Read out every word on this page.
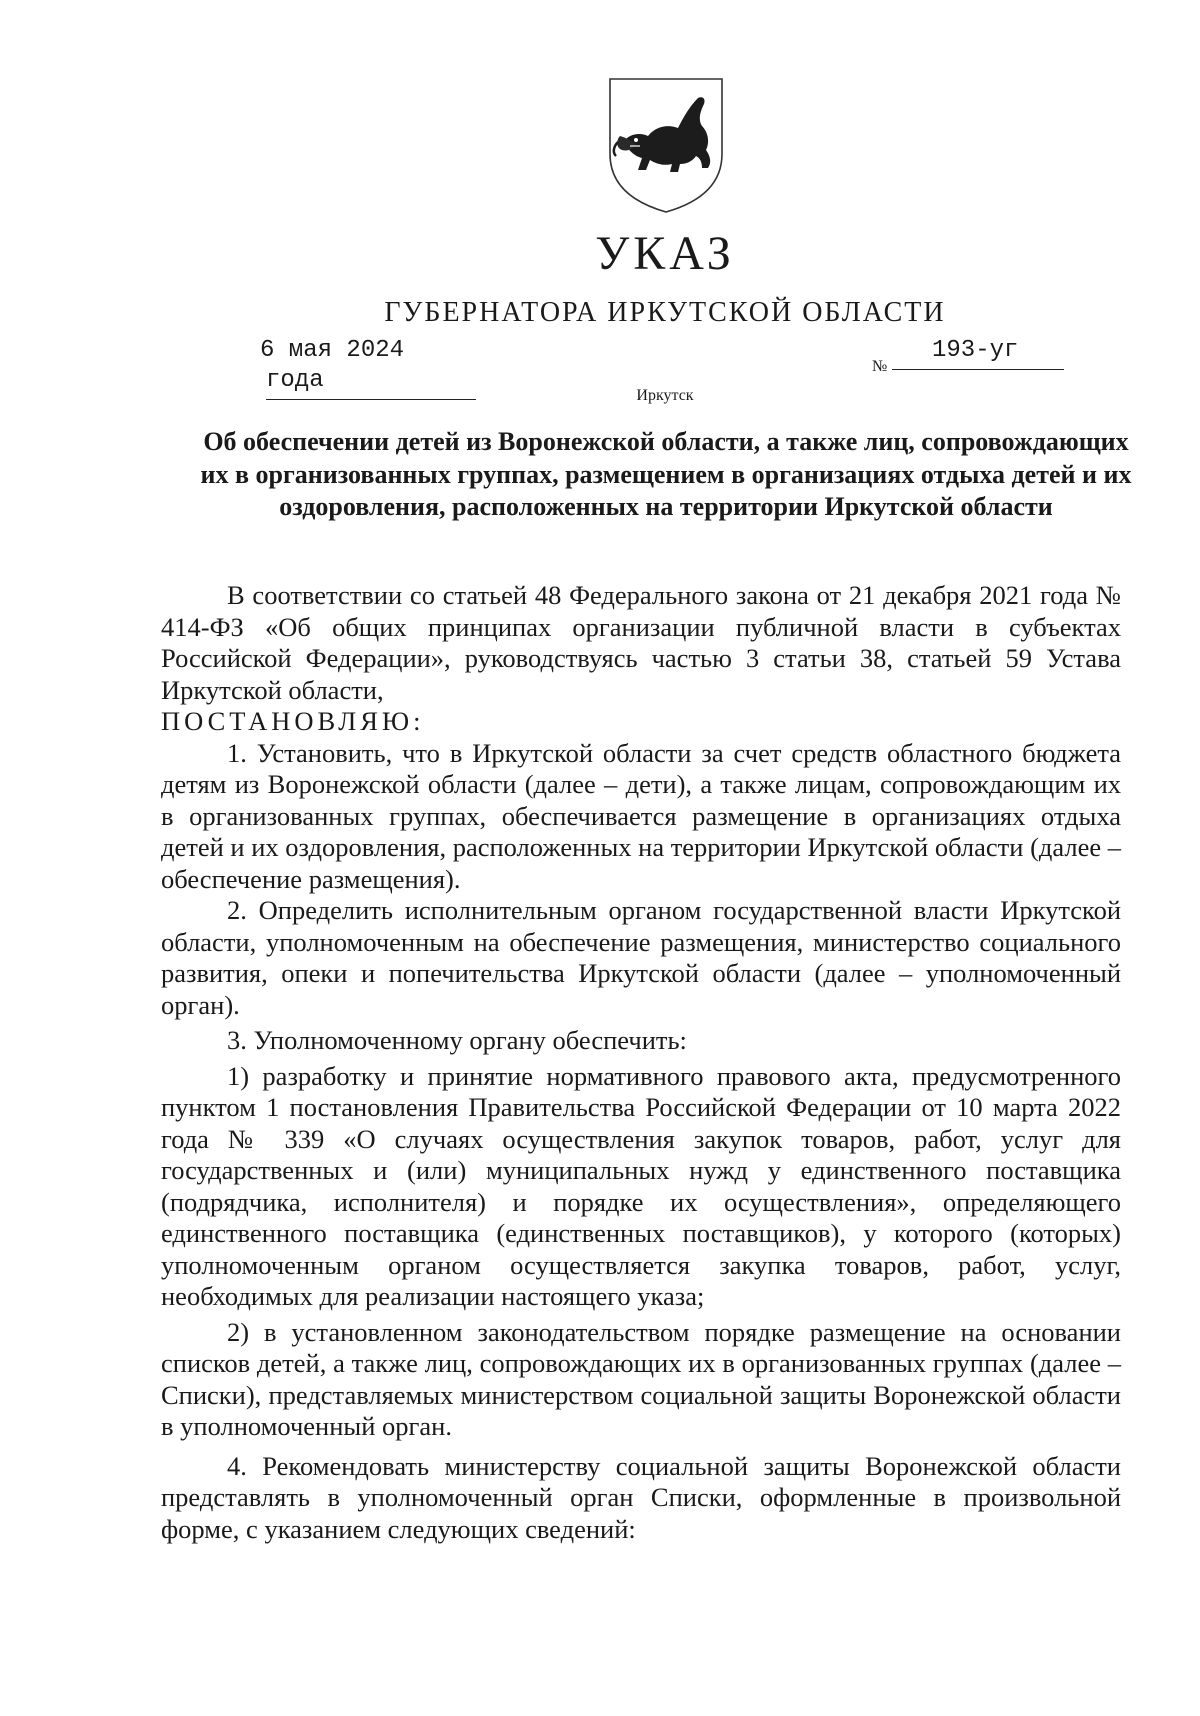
УКАЗ
ГУБЕРНАТОРА ИРКУТСКОЙ ОБЛАСТИ
6 мая 2024 года
№
193-уг
Иркутск
Об обеспечении детей из Воронежской области, а также лиц, сопровождающих их в организованных группах, размещением в организациях отдыха детей и их оздоровления, расположенных на территории Иркутской области

В соответствии со статьей 48 Федерального закона от 21 декабря 2021 года № 414-ФЗ «Об общих принципах организации публичной власти в субъектах Российской Федерации», руководствуясь частью 3 статьи 38, статьей 59 Устава Иркутской области,

ПОСТАНОВЛЯЮ:

1. Установить, что в Иркутской области за счет средств областного бюджета детям из Воронежской области (далее – дети), а также лицам, сопровождающим их в организованных группах, обеспечивается размещение в организациях отдыха детей и их оздоровления, расположенных на территории Иркутской области (далее – обеспечение размещения).

2. Определить исполнительным органом государственной власти Иркутской области, уполномоченным на обеспечение размещения, министерство социального развития, опеки и попечительства Иркутской области (далее – уполномоченный орган).

3. Уполномоченному органу обеспечить:

1) разработку и принятие нормативного правового акта, предусмотренного пунктом 1 постановления Правительства Российской Федерации от 10 марта 2022 года № 339 «О случаях осуществления закупок товаров, работ, услуг для государственных и (или) муниципальных нужд у единственного поставщика (подрядчика, исполнителя) и порядке их осуществления», определяющего единственного поставщика (единственных поставщиков), у которого (которых) уполномоченным органом осуществляется закупка товаров, работ, услуг, необходимых для реализации настоящего указа;

2) в установленном законодательством порядке размещение на основании списков детей, а также лиц, сопровождающих их в организованных группах (далее – Списки), представляемых министерством социальной защиты Воронежской области в уполномоченный орган.

4. Рекомендовать министерству социальной защиты Воронежской области представлять в уполномоченный орган Списки, оформленные в произвольной форме, с указанием следующих сведений:
